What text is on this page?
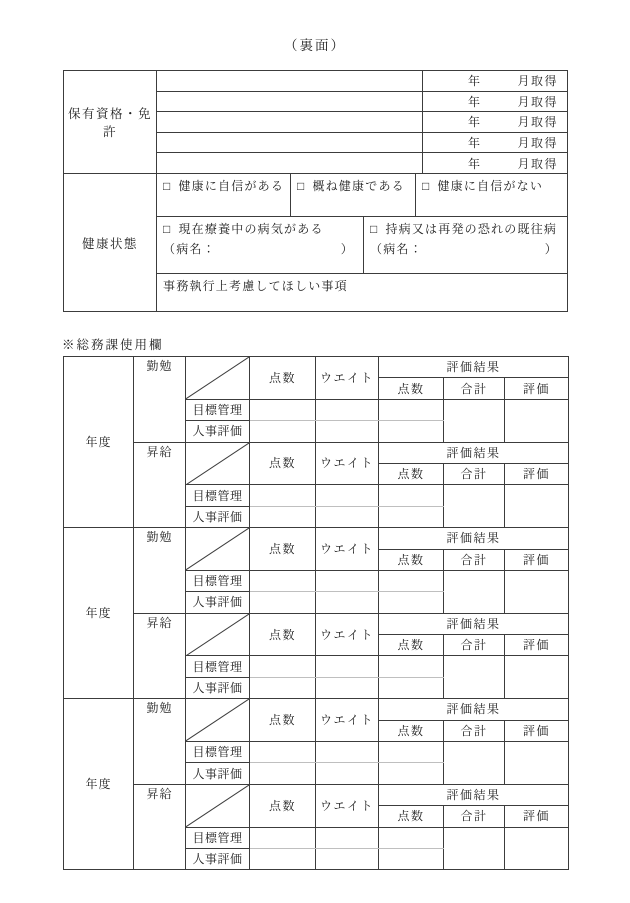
（裏面）
保有資格・免許
年	月取得
年	月取得
年	月取得
年	月取得
年	月取得
健康状態
□ 健康に自信がある	□ 概ね健康である	□ 健康に自信がない
□ 現在療養中の病気がある
（病名：	）
□ 持病又は再発の恐れの既往病
（病名：	）
事務執行上考慮してほしい事項
※総務課使用欄
年度	勤勉		点数	ウエイト	評価結果		
					点数	合計	評価
		目標管理					
		人事評価					
	昇給		点数	ウエイト	評価結果		
					点数	合計	評価
		目標管理					
		人事評価					
年度	勤勉		点数	ウエイト	評価結果		
					点数	合計	評価
		目標管理					
		人事評価					
	昇給		点数	ウエイト	評価結果		
					点数	合計	評価
		目標管理					
		人事評価					
年度	勤勉		点数	ウエイト	評価結果		
					点数	合計	評価
		目標管理					
		人事評価					
	昇給		点数	ウエイト	評価結果		
					点数	合計	評価
		目標管理					
		人事評価					
